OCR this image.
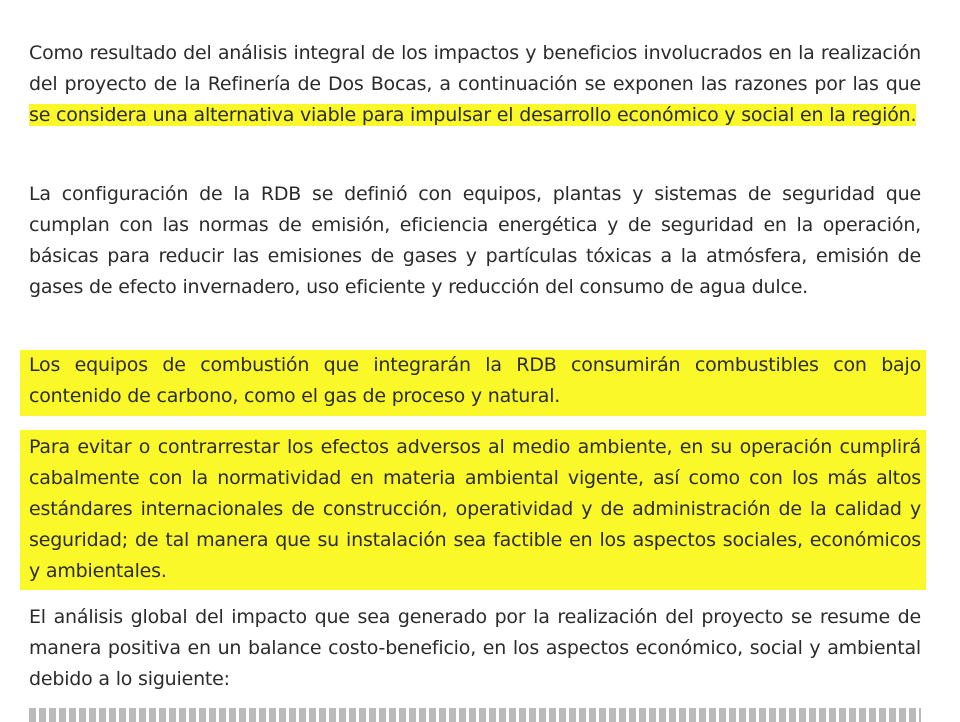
Como resultado del análisis integral de los impactos y beneficios involucrados en la realización del proyecto de la Refinería de Dos Bocas, a continuación se exponen las razones por las que se considera una alternativa viable para impulsar el desarrollo económico y social en la región.

La configuración de la RDB se definió con equipos, plantas y sistemas de seguridad que cumplan con las normas de emisión, eficiencia energética y de seguridad en la operación, básicas para reducir las emisiones de gases y partículas tóxicas a la atmósfera, emisión de gases de efecto invernadero, uso eficiente y reducción del consumo de agua dulce.

Los equipos de combustión que integrarán la RDB consumirán combustibles con bajo contenido de carbono, como el gas de proceso y natural.

Para evitar o contrarrestar los efectos adversos al medio ambiente, en su operación cumplirá cabalmente con la normatividad en materia ambiental vigente, así como con los más altos estándares internacionales de construcción, operatividad y de administración de la calidad y seguridad; de tal manera que su instalación sea factible en los aspectos sociales, económicos y ambientales.

El análisis global del impacto que sea generado por la realización del proyecto se resume de manera positiva en un balance costo-beneficio, en los aspectos económico, social y ambiental debido a lo siguiente:
